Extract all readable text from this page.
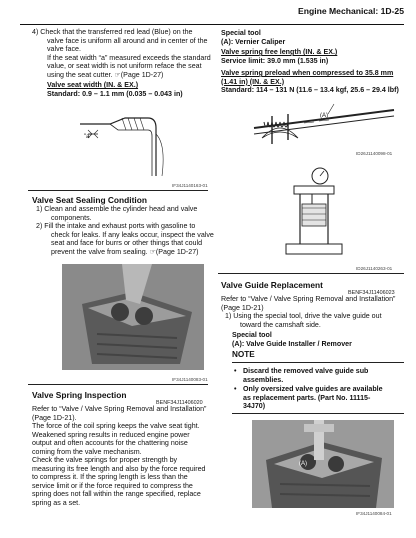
Engine Mechanical: 1D-25
4) Check that the transferred red lead (Blue) on the
valve face is uniform all around and in center of the
valve face.
If the seat width “a” measured exceeds the standard
value, or seat width is not uniform reface the seat
using the seat cutter. ☞(Page 1D-27)
Valve seat width (IN. & EX.)
Standard: 0.9 – 1.1 mm (0.035 – 0.043 in)
"a"
IF34J1140163-01
Valve Seat Sealing Condition
1) Clean and assemble the cylinder head and valve
components.
2) Fill the intake and exhaust ports with gasoline to
check for leaks. If any leaks occur, inspect the valve
seat and face for burrs or other things that could
prevent the valve from sealing. ☞(Page 1D-27)
IF34J1140083-01
Valve Spring Inspection
BENF34J11406020
Refer to “Valve / Valve Spring Removal and Installation”
(Page 1D-21).
The force of the coil spring keeps the valve seat tight.
Weakened spring results in reduced engine power
output and often accounts for the chattering noise
coming from the valve mechanism.
Check the valve springs for proper strength by
measuring its free length and also by the force required
to compress it. If the spring length is less than the
service limit or if the force required to compress the
spring does not fall within the range specified, replace
spring as a set.
Special tool
(A): Vernier Caliper
Valve spring free length (IN. & EX.)
Service limit: 39.0 mm (1.535 in)
Valve spring preload when compressed to 35.8 mm
(1.41 in) (IN. & EX.)
Standard: 114 – 131 N (11.6 – 13.4 kgf, 25.6 – 29.4 lbf)
(A)
ID26J1140098-01
ID26J1140263-01
Valve Guide Replacement
BENF34J11406023
Refer to “Valve / Valve Spring Removal and Installation”
(Page 1D-21)
1) Using the special tool, drive the valve guide out
toward the camshaft side.
Special tool
(A): Valve Guide Installer / Remover
NOTE
• Discard the removed valve guide sub
assemblies.
• Only oversized valve guides are available
as replacement parts. (Part No. 11115-
34J70)
(A)
IF34J1140084-01
